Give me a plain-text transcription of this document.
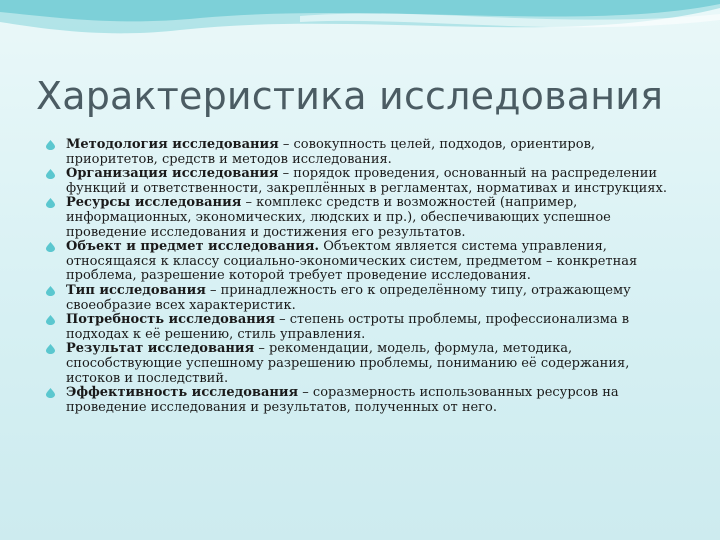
Характеристика исследования
Методология исследования – совокупность целей, подходов, ориентиров, приоритетов, средств и методов исследования.
Организация исследования – порядок проведения, основанный на распределении функций и ответственности, закреплённых в регламентах, нормативах и инструкциях.
Ресурсы исследования – комплекс средств и возможностей (например, информационных, экономических, людских и пр.), обеспечивающих успешное проведение исследования и достижения его результатов.
Объект и предмет исследования. Объектом является система управления, относящаяся к классу социально-экономических систем, предметом – конкретная проблема, разрешение которой требует проведение исследования.
Тип исследования – принадлежность его к определённому типу, отражающему своеобразие всех характеристик.
Потребность исследования – степень остроты проблемы, профессионализма в подходах к её решению, стиль управления.
Результат исследования – рекомендации, модель, формула, методика, способствующие успешному разрешению проблемы, пониманию её содержания, истоков и последствий.
Эффективность исследования – соразмерность использованных ресурсов на проведение исследования и результатов, полученных от него.
